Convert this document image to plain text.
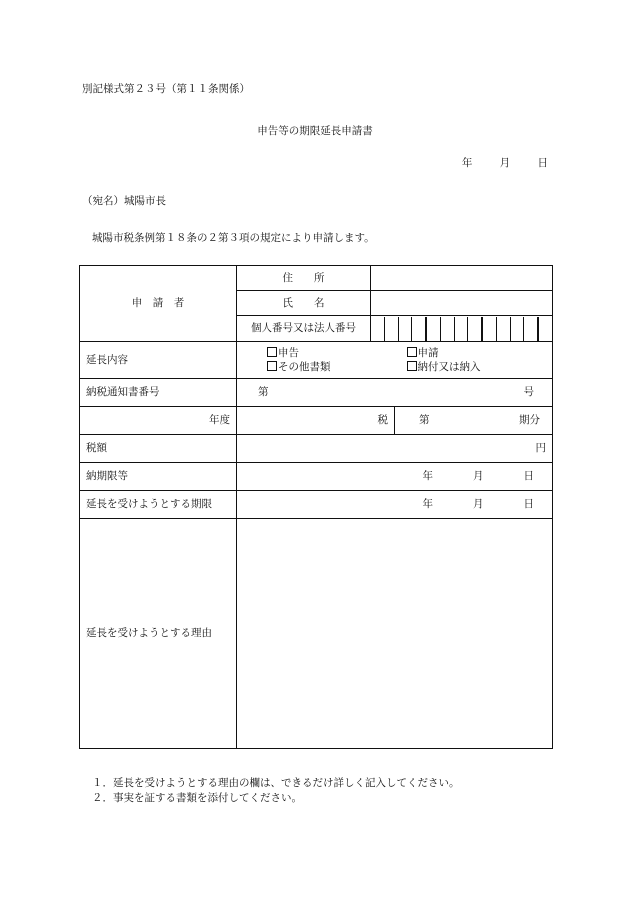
別記様式第２３号（第１１条関係）
申告等の期限延長申請書
年	月	日
（宛名）城陽市長
城陽市税条例第１８条の２第３項の規定により申請します。
申　請　者	住　　所		
	氏　　名		
	個人番号又は法人番号		

延長内容	申告 申請
その他書類 納付又は納入		

納税通知書番号	第 号		

年度	税		第 期分

税額	円		
納期限等	年 月 日		

延長を受けようとする期限	年 月 日		

延長を受けようとする理由			
１．延長を受けようとする理由の欄は、できるだけ詳しく記入してください。
２．事実を証する書類を添付してください。
